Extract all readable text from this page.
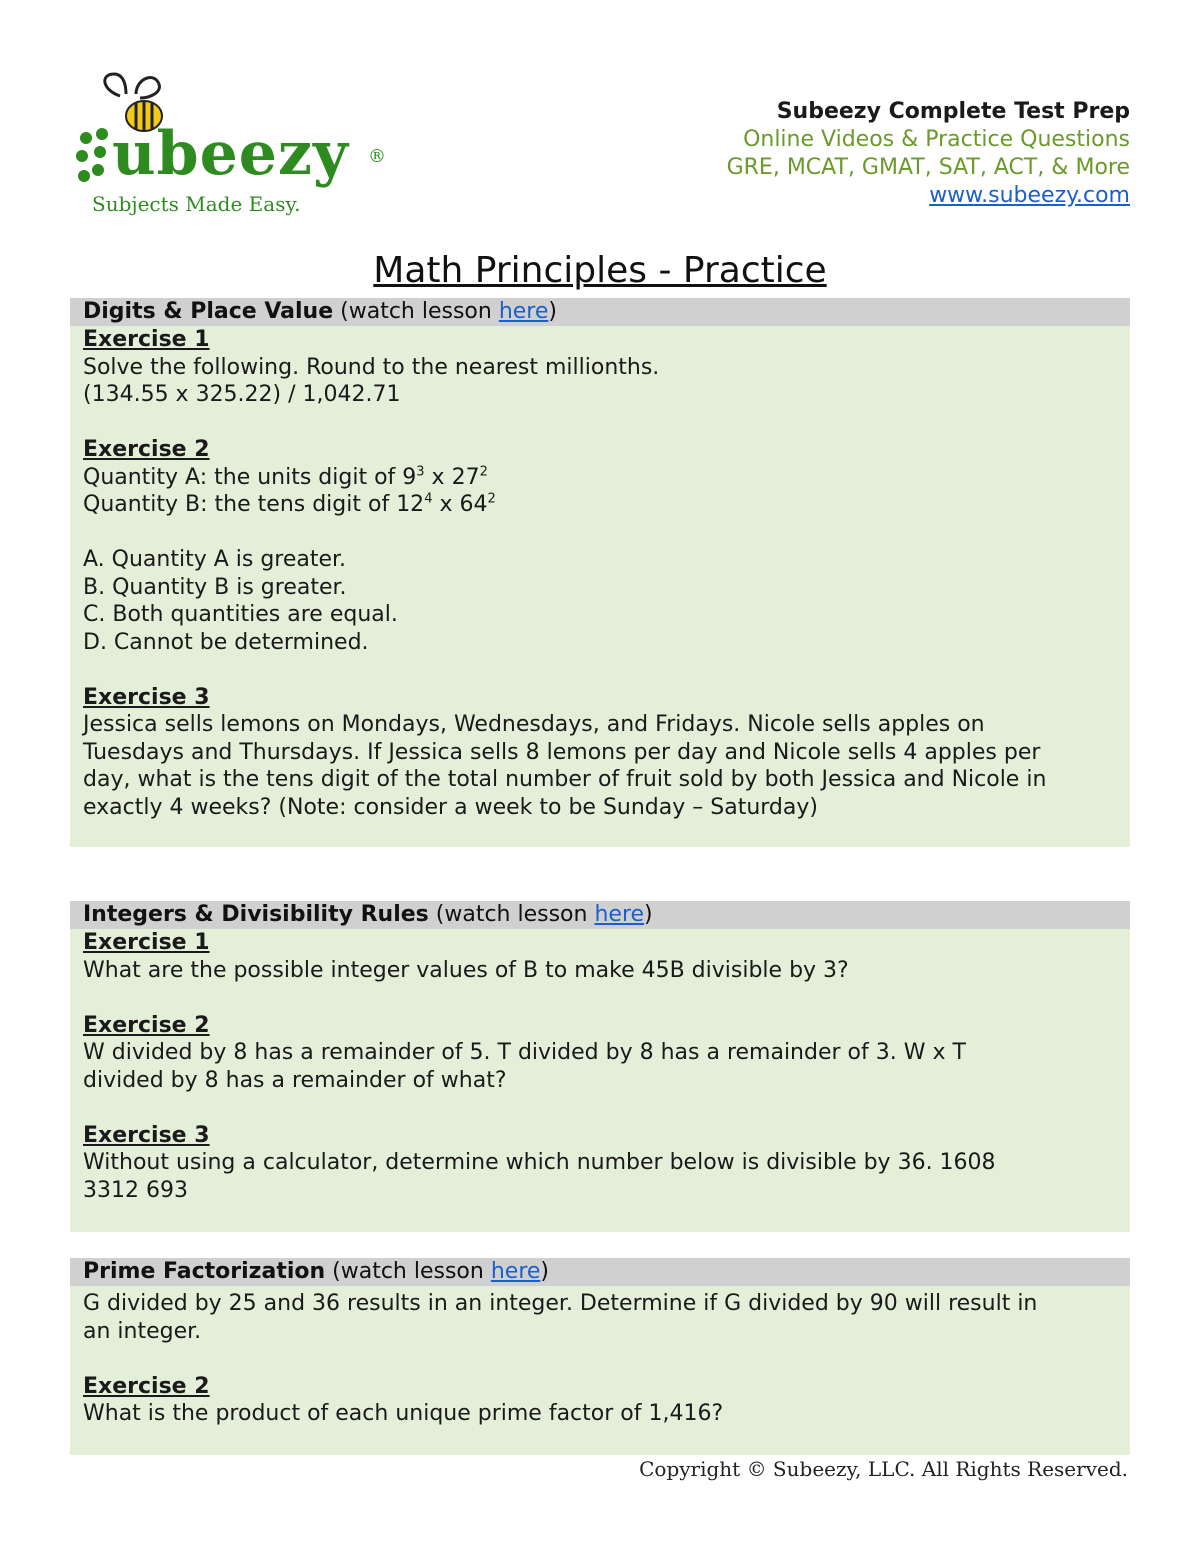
ubeezy ®
Subjects Made Easy.
Subeezy Complete Test Prep
Online Videos & Practice Questions
GRE, MCAT, GMAT, SAT, ACT, & More
www.subeezy.com
Math Principles - Practice
Digits & Place Value (watch lesson here)
Exercise 1
Solve the following. Round to the nearest millionths.
(134.55 x 325.22) / 1,042.71
Exercise 2
Quantity A: the units digit of $9^3$ x $27^2$
Quantity B: the tens digit of $12^4$ x $64^2$
A. Quantity A is greater.
B. Quantity B is greater.
C. Both quantities are equal.
D. Cannot be determined.
Exercise 3
Jessica sells lemons on Mondays, Wednesdays, and Fridays. Nicole sells apples on
Tuesdays and Thursdays. If Jessica sells 8 lemons per day and Nicole sells 4 apples per
day, what is the tens digit of the total number of fruit sold by both Jessica and Nicole in
exactly 4 weeks? (Note: consider a week to be Sunday – Saturday)
Integers & Divisibility Rules (watch lesson here)
Exercise 1
What are the possible integer values of B to make 45B divisible by 3?
Exercise 2
W divided by 8 has a remainder of 5. T divided by 8 has a remainder of 3. W x T
divided by 8 has a remainder of what?
Exercise 3
Without using a calculator, determine which number below is divisible by 36. 1608
3312 693
Prime Factorization (watch lesson here)
G divided by 25 and 36 results in an integer. Determine if G divided by 90 will result in
an integer.
Exercise 2
What is the product of each unique prime factor of 1,416?
Copyright © Subeezy, LLC. All Rights Reserved.
